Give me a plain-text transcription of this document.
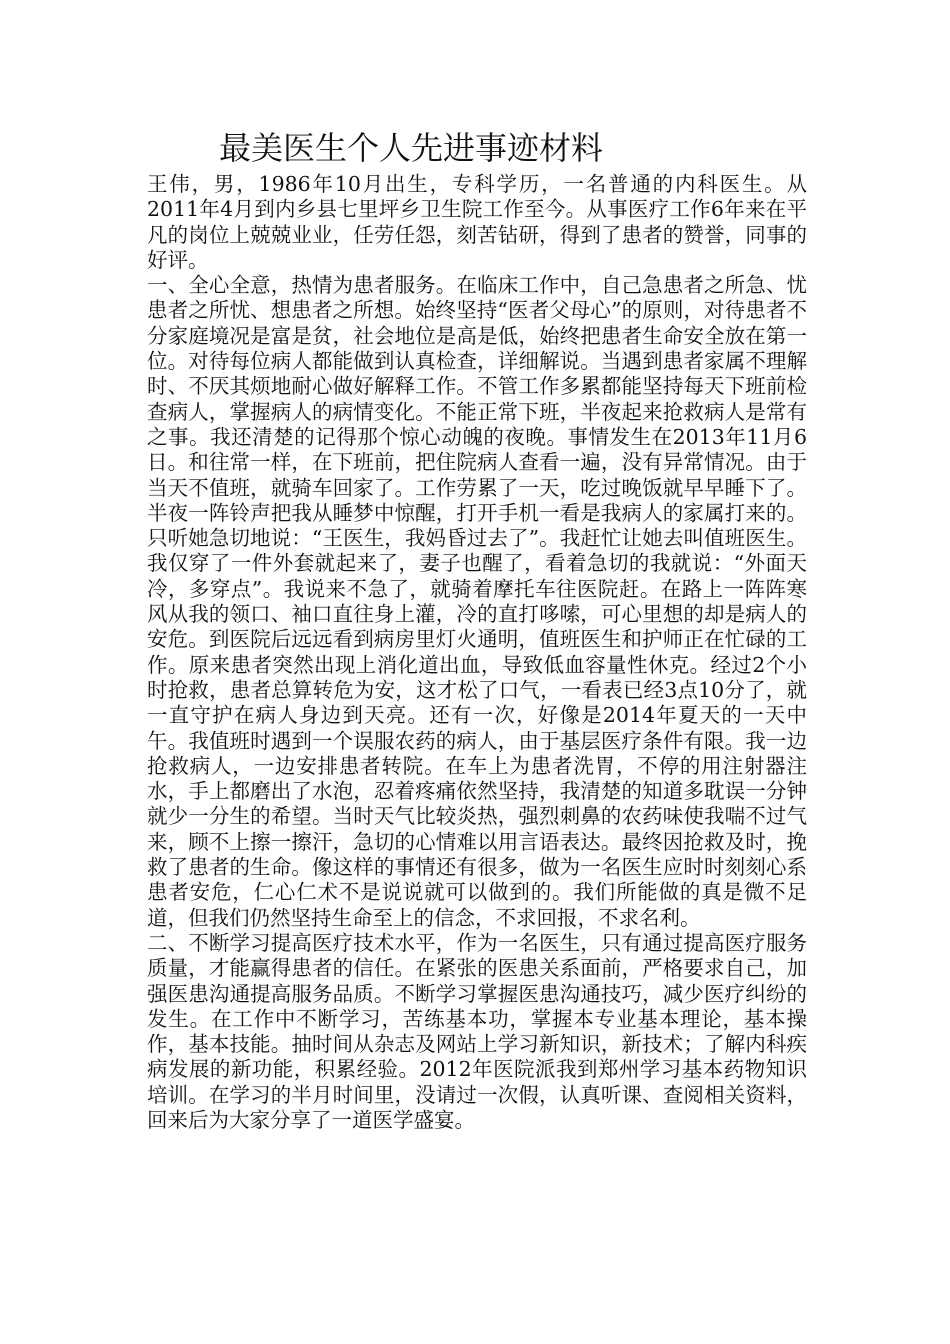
最美医生个人先进事迹材料

王伟，男，1986年10月出生，专科学历，一名普通的内科医生。从2011年4月到内乡县七里坪乡卫生院工作至今。从事医疗工作6年来在平凡的岗位上兢兢业业，任劳任怨，刻苦钻研，得到了患者的赞誉，同事的好评。

一、全心全意，热情为患者服务。在临床工作中，自己急患者之所急、忧患者之所忧、想患者之所想。始终坚持“医者父母心”的原则，对待患者不分家庭境况是富是贫，社会地位是高是低，始终把患者生命安全放在第一位。对待每位病人都能做到认真检查，详细解说。当遇到患者家属不理解时、不厌其烦地耐心做好解释工作。不管工作多累都能坚持每天下班前检查病人，掌握病人的病情变化。不能正常下班，半夜起来抢救病人是常有之事。我还清楚的记得那个惊心动魄的夜晚。事情发生在2013年11月6日。和往常一样，在下班前，把住院病人查看一遍，没有异常情况。由于当天不值班，就骑车回家了。工作劳累了一天，吃过晚饭就早早睡下了。半夜一阵铃声把我从睡梦中惊醒，打开手机一看是我病人的家属打来的。只听她急切地说：“王医生，我妈昏过去了”。我赶忙让她去叫值班医生。我仅穿了一件外套就起来了，妻子也醒了，看着急切的我就说：“外面天冷，多穿点”。我说来不急了，就骑着摩托车往医院赶。在路上一阵阵寒风从我的领口、袖口直往身上灌，冷的直打哆嗦，可心里想的却是病人的安危。到医院后远远看到病房里灯火通明，值班医生和护师正在忙碌的工作。原来患者突然出现上消化道出血，导致低血容量性休克。经过2个小时抢救，患者总算转危为安，这才松了口气，一看表已经3点10分了，就一直守护在病人身边到天亮。还有一次，好像是2014年夏天的一天中午。我值班时遇到一个误服农药的病人，由于基层医疗条件有限。我一边抢救病人，一边安排患者转院。在车上为患者洗胃，不停的用注射器注水，手上都磨出了水泡，忍着疼痛依然坚持，我清楚的知道多耽误一分钟就少一分生的希望。当时天气比较炎热，强烈刺鼻的农药味使我喘不过气来，顾不上擦一擦汗，急切的心情难以用言语表达。最终因抢救及时，挽救了患者的生命。像这样的事情还有很多，做为一名医生应时时刻刻心系患者安危，仁心仁术不是说说就可以做到的。我们所能做的真是微不足道，但我们仍然坚持生命至上的信念，不求回报，不求名利。

二、不断学习提高医疗技术水平，作为一名医生，只有通过提高医疗服务质量，才能赢得患者的信任。在紧张的医患关系面前，严格要求自己，加强医患沟通提高服务品质。不断学习掌握医患沟通技巧，减少医疗纠纷的发生。在工作中不断学习，苦练基本功，掌握本专业基本理论，基本操作，基本技能。抽时间从杂志及网站上学习新知识，新技术；了解内科疾病发展的新功能，积累经验。2012年医院派我到郑州学习基本药物知识培训。在学习的半月时间里，没请过一次假，认真听课、查阅相关资料，回来后为大家分享了一道医学盛宴。
